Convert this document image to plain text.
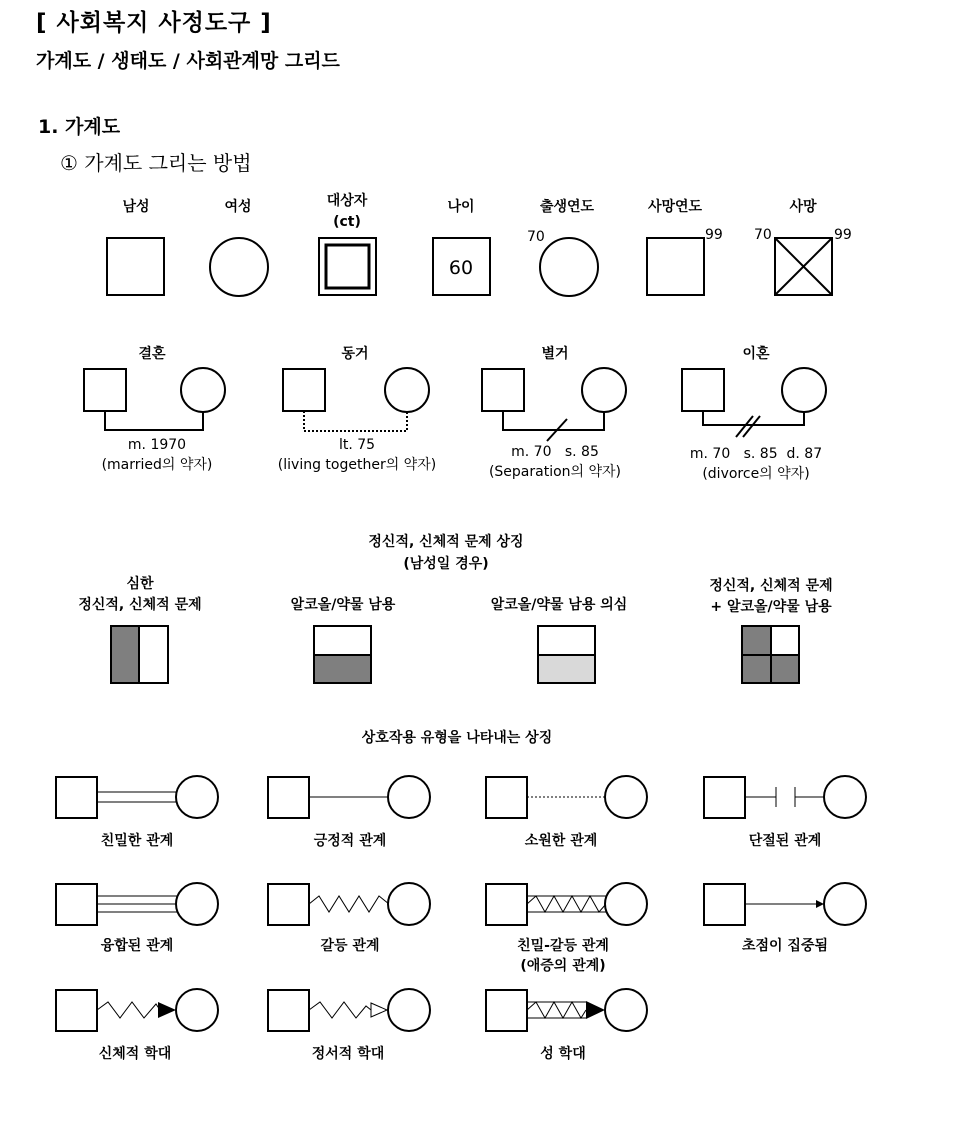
[ 사회복지 사정도구 ]
가계도 / 생태도 / 사회관계망 그리드
1. 가계도
① 가계도 그리는 방법
남성	여성	대상자
(ct)
나이
60
출생연도
70
사망연도
99
사망
70	99
결혼
m. 1970
(married의 약자)
동거
lt. 75
(living together의 약자)
별거
m. 70   s. 85
(Separation의 약자)
이혼
m. 70   s. 85  d. 87
(divorce의 약자)
정신적, 신체적 문제 상징
(남성일 경우)
심한
정신적, 신체적 문제	알코올/약물 남용	알코올/약물 남용 의심
정신적, 신체적 문제
+ 알코올/약물 남용
상호작용 유형을 나타내는 상징
친밀한 관계	긍정적 관계	소원한 관계	단절된 관계
융합된 관계	갈등 관계	친밀-갈등 관계
(애증의 관계)
초점이 집중됨
신체적 학대	정서적 학대	성 학대
